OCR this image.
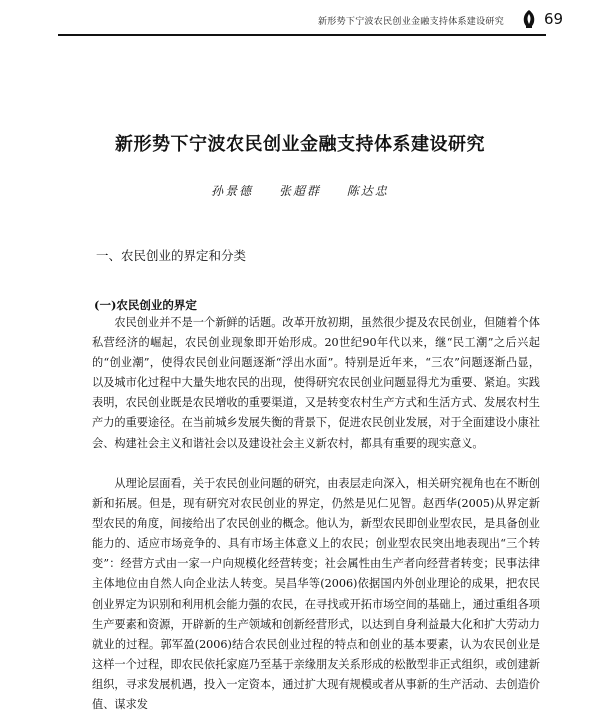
新形势下宁波农民创业金融支持体系建设研究	69
新形势下宁波农民创业金融支持体系建设研究
孙景德 张超群 陈达忠
一、农民创业的界定和分类
(一)农民创业的界定

农民创业并不是一个新鲜的话题。改革开放初期，虽然很少提及农民创业，但随着个体私营经济的崛起，农民创业现象即开始形成。20世纪90年代以来，继“民工潮”之后兴起的“创业潮”，使得农民创业问题逐渐“浮出水面”。特别是近年来，“三农”问题逐渐凸显，以及城市化过程中大量失地农民的出现，使得研究农民创业问题显得尤为重要、紧迫。实践表明，农民创业既是农民增收的重要渠道，又是转变农村生产方式和生活方式、发展农村生产力的重要途径。在当前城乡发展失衡的背景下，促进农民创业发展，对于全面建设小康社会、构建社会主义和谐社会以及建设社会主义新农村，都具有重要的现实意义。

从理论层面看，关于农民创业问题的研究，由表层走向深入，相关研究视角也在不断创新和拓展。但是，现有研究对农民创业的界定，仍然是见仁见智。赵西华(2005)从界定新型农民的角度，间接给出了农民创业的概念。他认为，新型农民即创业型农民，是具备创业能力的、适应市场竞争的、具有市场主体意义上的农民；创业型农民突出地表现出“三个转变”：经营方式由一家一户向规模化经营转变；社会属性由生产者向经营者转变；民事法律主体地位由自然人向企业法人转变。吴昌华等(2006)依据国内外创业理论的成果，把农民创业界定为识别和利用机会能力强的农民，在寻找或开拓市场空间的基础上，通过重组各项生产要素和资源，开辟新的生产领域和创新经营形式，以达到自身利益最大化和扩大劳动力就业的过程。郭军盈(2006)结合农民创业过程的特点和创业的基本要素，认为农民创业是这样一个过程，即农民依托家庭乃至基于亲缘朋友关系形成的松散型非正式组织，或创建新组织，寻求发展机遇，投入一定资本，通过扩大现有规模或者从事新的生产活动、去创造价值、谋求发
